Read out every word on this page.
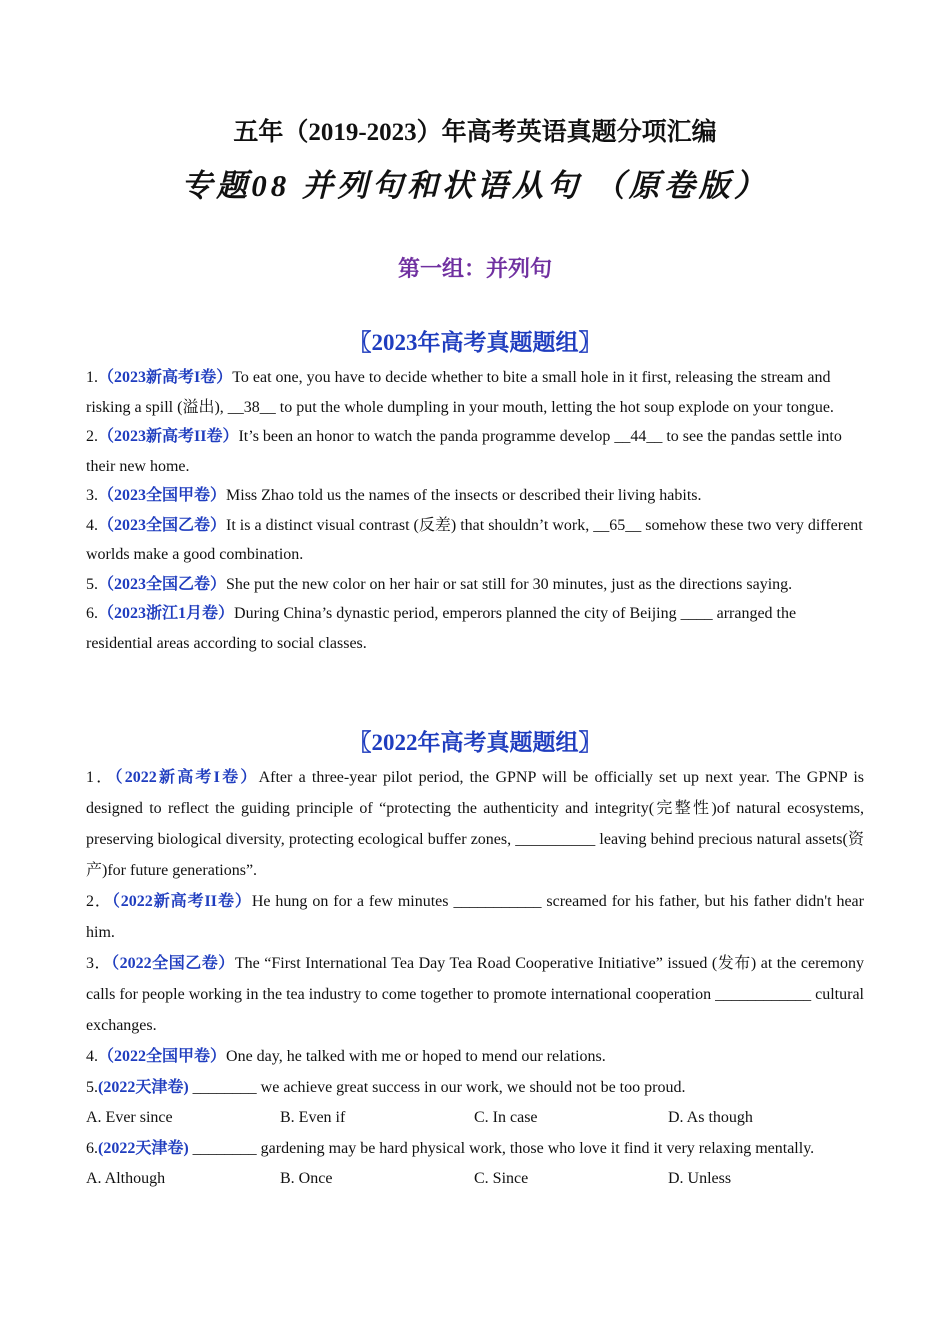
五年（2019-2023）年高考英语真题分项汇编
专题08 并列句和状语从句 （原卷版）
第一组：并列句
〖2023年高考真题题组〗

1.（2023新高考I卷）To eat one, you have to decide whether to bite a small hole in it first, releasing the stream and risking a spill (溢出), __38__ to put the whole dumpling in your mouth, letting the hot soup explode on your tongue.

2.（2023新高考II卷）It’s been an honor to watch the panda programme develop __44__ to see the pandas settle into their new home.

3.（2023全国甲卷）Miss Zhao told us the names of the insects or described their living habits.

4.（2023全国乙卷）It is a distinct visual contrast (反差) that shouldn’t work, __65__ somehow these two very different worlds make a good combination.

5.（2023全国乙卷）She put the new color on her hair or sat still for 30 minutes, just as the directions saying.

6.（2023浙江1月卷）During China’s dynastic period, emperors planned the city of Beijing ____ arranged the residential areas according to social classes.

〖2022年高考真题题组〗

1．（2022新高考I卷）After a three-year pilot period, the GPNP will be officially set up next year. The GPNP is designed to reflect the guiding principle of “protecting the authenticity and integrity(完整性)of natural ecosystems, preserving biological diversity, protecting ecological buffer zones, __________ leaving behind precious natural assets(资产)for future generations”.

2．（2022新高考II卷）He hung on for a few minutes ___________ screamed for his father, but his father didn't hear him.

3．（2022全国乙卷）The “First International Tea Day Tea Road Cooperative Initiative” issued (发布) at the ceremony calls for people working in the tea industry to come together to promote international cooperation ____________ cultural exchanges.

4.（2022全国甲卷）One day, he talked with me or hoped to mend our relations.

5.(2022天津卷) ________ we achieve great success in our work, we should not be too proud.

A. Ever since	B. Even if	C. In case	D. As though

6.(2022天津卷) ________ gardening may be hard physical work, those who love it find it very relaxing mentally.

A. Although	B. Once	C. Since	D. Unless
